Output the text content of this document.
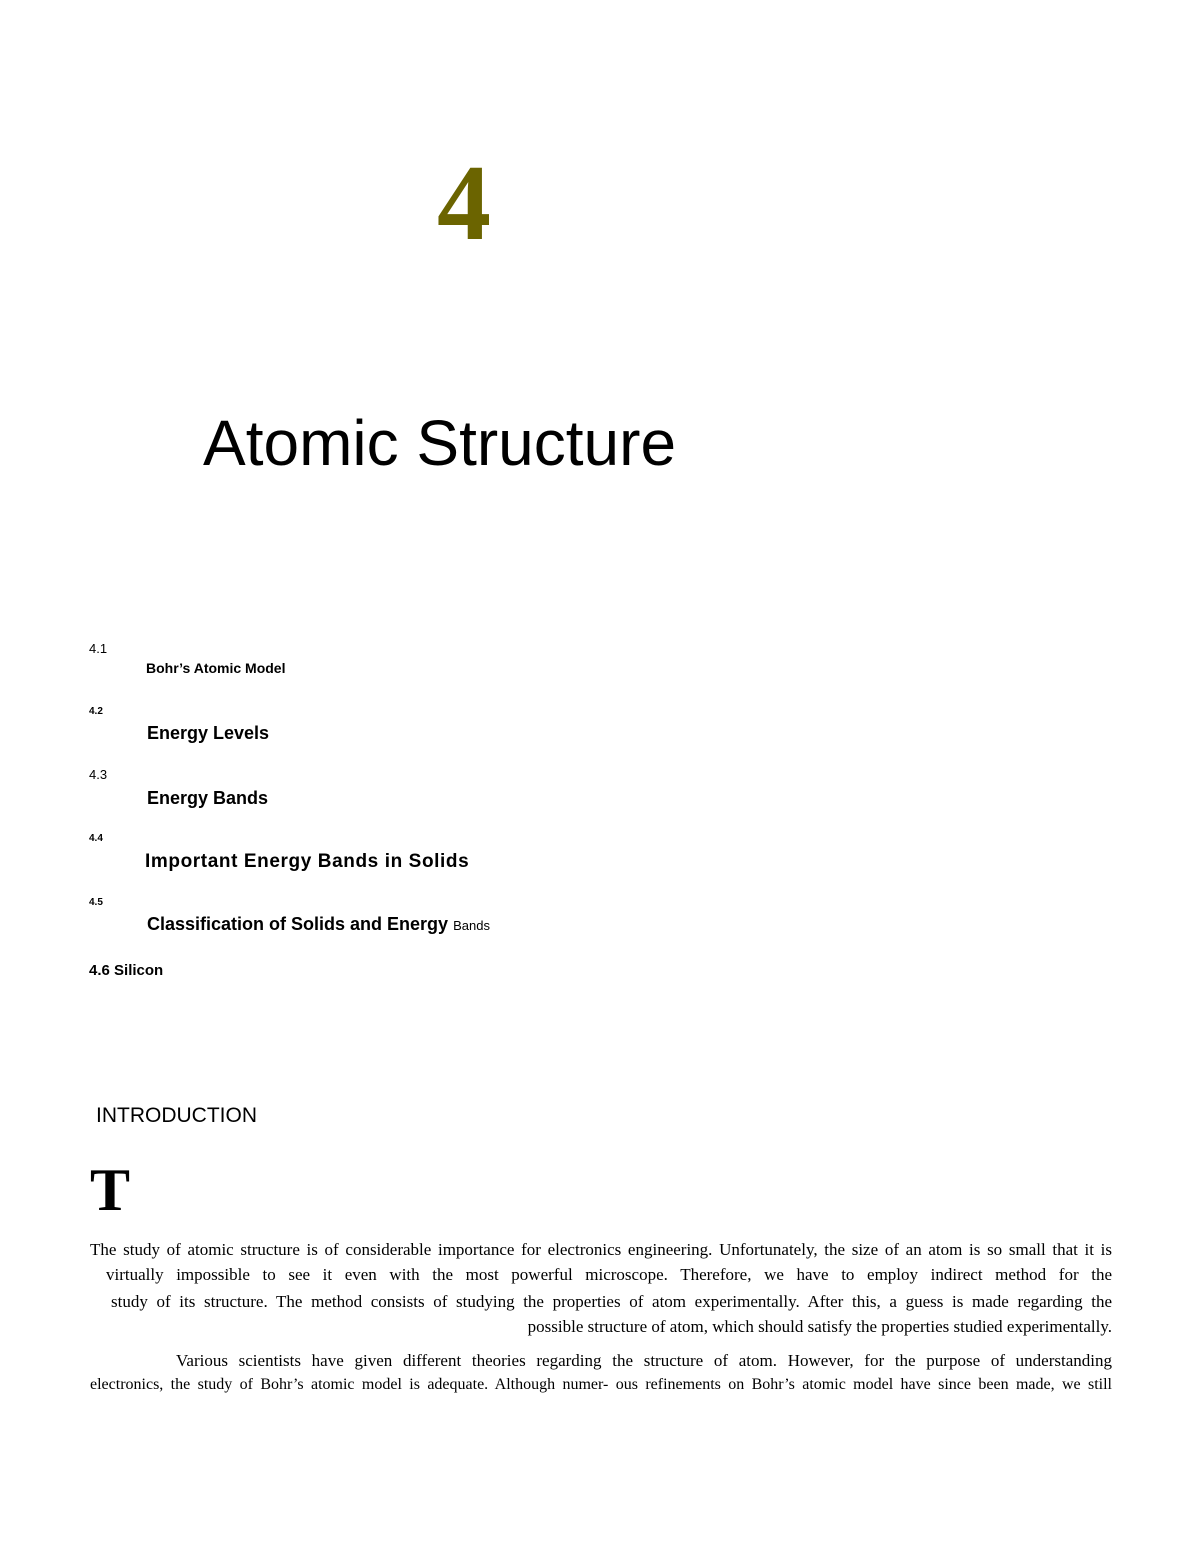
4
Atomic Structure
4.1
Bohr’s Atomic Model
4.2
Energy Levels
4.3
Energy Bands
4.4
Important Energy Bands in Solids
4.5
Classification of Solids and Energy Bands
4.6 Silicon
INTRODUCTION
T
The study of atomic structure is of considerable importance for electronics engineering. Unfortunately, the size of an atom is so small that it is
virtually impossible to see it even with the most powerful microscope. Therefore, we have to employ indirect method for the
study of its structure. The method consists of studying the properties of atom experimentally. After this, a guess is made regarding the
possible structure of atom, which should satisfy the properties studied experimentally.
Various scientists have given different theories regarding the structure of atom. However, for the purpose of understanding
electronics, the study of Bohr’s atomic model is adequate. Although numer- ous refinements on Bohr’s atomic model have since been made, we still
